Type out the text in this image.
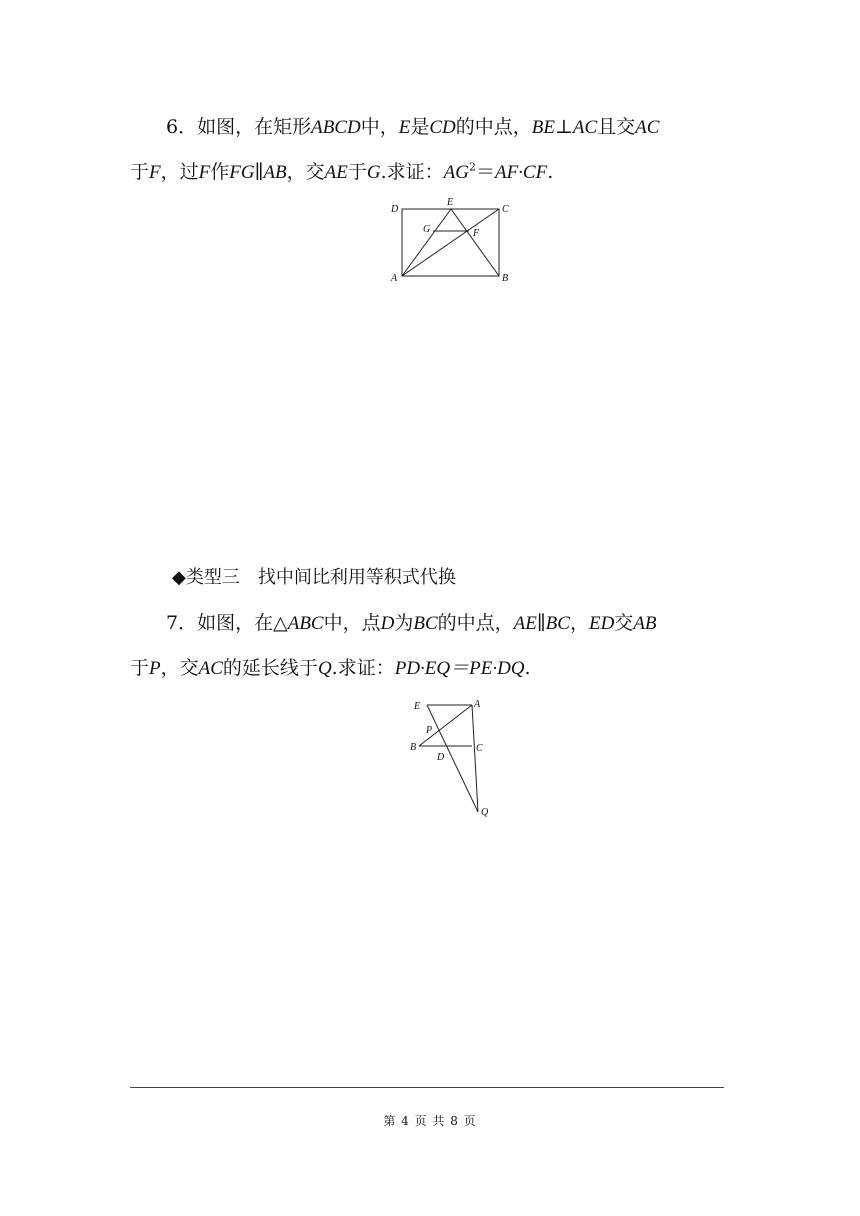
6．如图，在矩形ABCD中，E是CD的中点，BE⊥AC且交AC
于F，过F作FG∥AB，交AE于G.求证：$AG^2=AF\cdot CF$.
D
E
C
G	F
A	B
◆类型三　找中间比利用等积式代换
7．如图，在△ABC中，点D为BC的中点，AE∥BC，ED交AB
于P，交AC的延长线于Q.求证：PD·EQ＝PE·DQ.
E	A
P
B	C
D
Q
第 4 页 共 8 页
